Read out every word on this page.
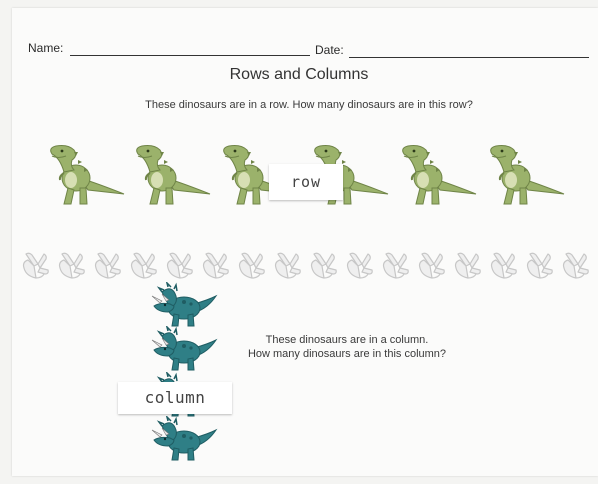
Name:	Date:
Rows and Columns
These dinosaurs are in a row. How many dinosaurs are in this row?
row
column
These dinosaurs are in a column.
How many dinosaurs are in this column?
